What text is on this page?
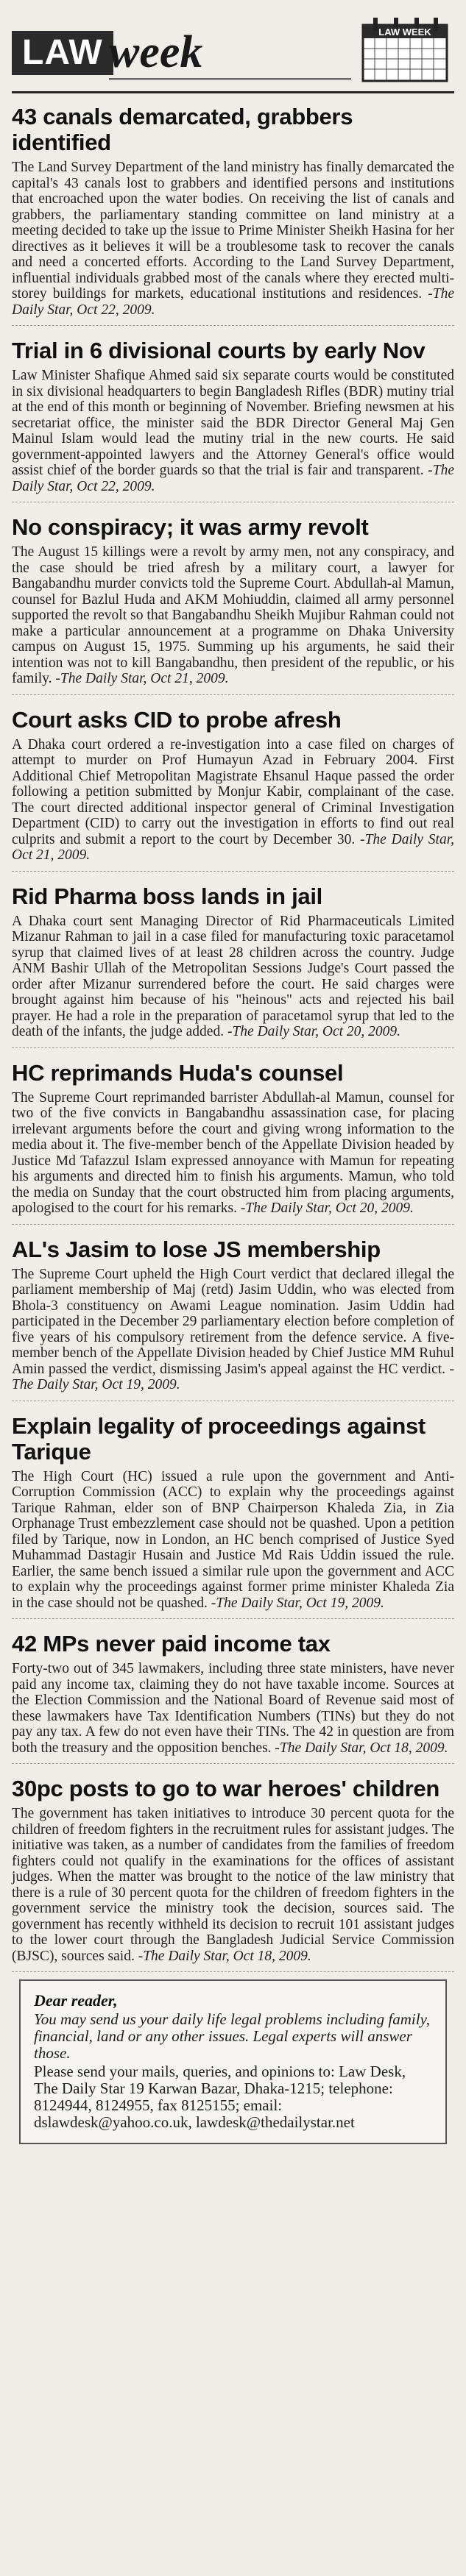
LAW week	LAW WEEK
43 canals demarcated, grabbers identified

The Land Survey Department of the land ministry has finally demarcated the capital's 43 canals lost to grabbers and identified persons and institutions that encroached upon the water bodies. On receiving the list of canals and grabbers, the parliamentary standing committee on land ministry at a meeting decided to take up the issue to Prime Minister Sheikh Hasina for her directives as it believes it will be a troublesome task to recover the canals and need a concerted efforts. According to the Land Survey Department, influential individuals grabbed most of the canals where they erected multi-storey buildings for markets, educational institutions and residences. -The Daily Star, Oct 22, 2009.

Trial in 6 divisional courts by early Nov

Law Minister Shafique Ahmed said six separate courts would be constituted in six divisional headquarters to begin Bangladesh Rifles (BDR) mutiny trial at the end of this month or beginning of November. Briefing newsmen at his secretariat office, the minister said the BDR Director General Maj Gen Mainul Islam would lead the mutiny trial in the new courts. He said government-appointed lawyers and the Attorney General's office would assist chief of the border guards so that the trial is fair and transparent. -The Daily Star, Oct 22, 2009.

No conspiracy; it was army revolt

The August 15 killings were a revolt by army men, not any conspiracy, and the case should be tried afresh by a military court, a lawyer for Bangabandhu murder convicts told the Supreme Court. Abdullah-al Mamun, counsel for Bazlul Huda and AKM Mohiuddin, claimed all army personnel supported the revolt so that Bangabandhu Sheikh Mujibur Rahman could not make a particular announcement at a programme on Dhaka University campus on August 15, 1975. Summing up his arguments, he said their intention was not to kill Bangabandhu, then president of the republic, or his family. -The Daily Star, Oct 21, 2009.

Court asks CID to probe afresh

A Dhaka court ordered a re-investigation into a case filed on charges of attempt to murder on Prof Humayun Azad in February 2004. First Additional Chief Metropolitan Magistrate Ehsanul Haque passed the order following a petition submitted by Monjur Kabir, complainant of the case. The court directed additional inspector general of Criminal Investigation Department (CID) to carry out the investigation in efforts to find out real culprits and submit a report to the court by December 30. -The Daily Star, Oct 21, 2009.

Rid Pharma boss lands in jail

A Dhaka court sent Managing Director of Rid Pharmaceuticals Limited Mizanur Rahman to jail in a case filed for manufacturing toxic paracetamol syrup that claimed lives of at least 28 children across the country. Judge ANM Bashir Ullah of the Metropolitan Sessions Judge's Court passed the order after Mizanur surrendered before the court. He said charges were brought against him because of his "heinous" acts and rejected his bail prayer. He had a role in the preparation of paracetamol syrup that led to the death of the infants, the judge added. -The Daily Star, Oct 20, 2009.

HC reprimands Huda's counsel

The Supreme Court reprimanded barrister Abdullah-al Mamun, counsel for two of the five convicts in Bangabandhu assassination case, for placing irrelevant arguments before the court and giving wrong information to the media about it. The five-member bench of the Appellate Division headed by Justice Md Tafazzul Islam expressed annoyance with Mamun for repeating his arguments and directed him to finish his arguments. Mamun, who told the media on Sunday that the court obstructed him from placing arguments, apologised to the court for his remarks. -The Daily Star, Oct 20, 2009.

AL's Jasim to lose JS membership

The Supreme Court upheld the High Court verdict that declared illegal the parliament membership of Maj (retd) Jasim Uddin, who was elected from Bhola-3 constituency on Awami League nomination. Jasim Uddin had participated in the December 29 parliamentary election before completion of five years of his compulsory retirement from the defence service. A five-member bench of the Appellate Division headed by Chief Justice MM Ruhul Amin passed the verdict, dismissing Jasim's appeal against the HC verdict. -The Daily Star, Oct 19, 2009.

Explain legality of proceedings against Tarique

The High Court (HC) issued a rule upon the government and Anti-Corruption Commission (ACC) to explain why the proceedings against Tarique Rahman, elder son of BNP Chairperson Khaleda Zia, in Zia Orphanage Trust embezzlement case should not be quashed. Upon a petition filed by Tarique, now in London, an HC bench comprised of Justice Syed Muhammad Dastagir Husain and Justice Md Rais Uddin issued the rule. Earlier, the same bench issued a similar rule upon the government and ACC to explain why the proceedings against former prime minister Khaleda Zia in the case should not be quashed. -The Daily Star, Oct 19, 2009.

42 MPs never paid income tax

Forty-two out of 345 lawmakers, including three state ministers, have never paid any income tax, claiming they do not have taxable income. Sources at the Election Commission and the National Board of Revenue said most of these lawmakers have Tax Identification Numbers (TINs) but they do not pay any tax. A few do not even have their TINs. The 42 in question are from both the treasury and the opposition benches. -The Daily Star, Oct 18, 2009.

30pc posts to go to war heroes' children

The government has taken initiatives to introduce 30 percent quota for the children of freedom fighters in the recruitment rules for assistant judges. The initiative was taken, as a number of candidates from the families of freedom fighters could not qualify in the examinations for the offices of assistant judges. When the matter was brought to the notice of the law ministry that there is a rule of 30 percent quota for the children of freedom fighters in the government service the ministry took the decision, sources said. The government has recently withheld its decision to recruit 101 assistant judges to the lower court through the Bangladesh Judicial Service Commission (BJSC), sources said. -The Daily Star, Oct 18, 2009.

Dear reader,

You may send us your daily life legal problems including family, financial, land or any other issues. Legal experts will answer those.

Please send your mails, queries, and opinions to: Law Desk, The Daily Star 19 Karwan Bazar, Dhaka-1215; telephone: 8124944, 8124955, fax 8125155; email: dslawdesk@yahoo.co.uk, lawdesk@thedailystar.net
